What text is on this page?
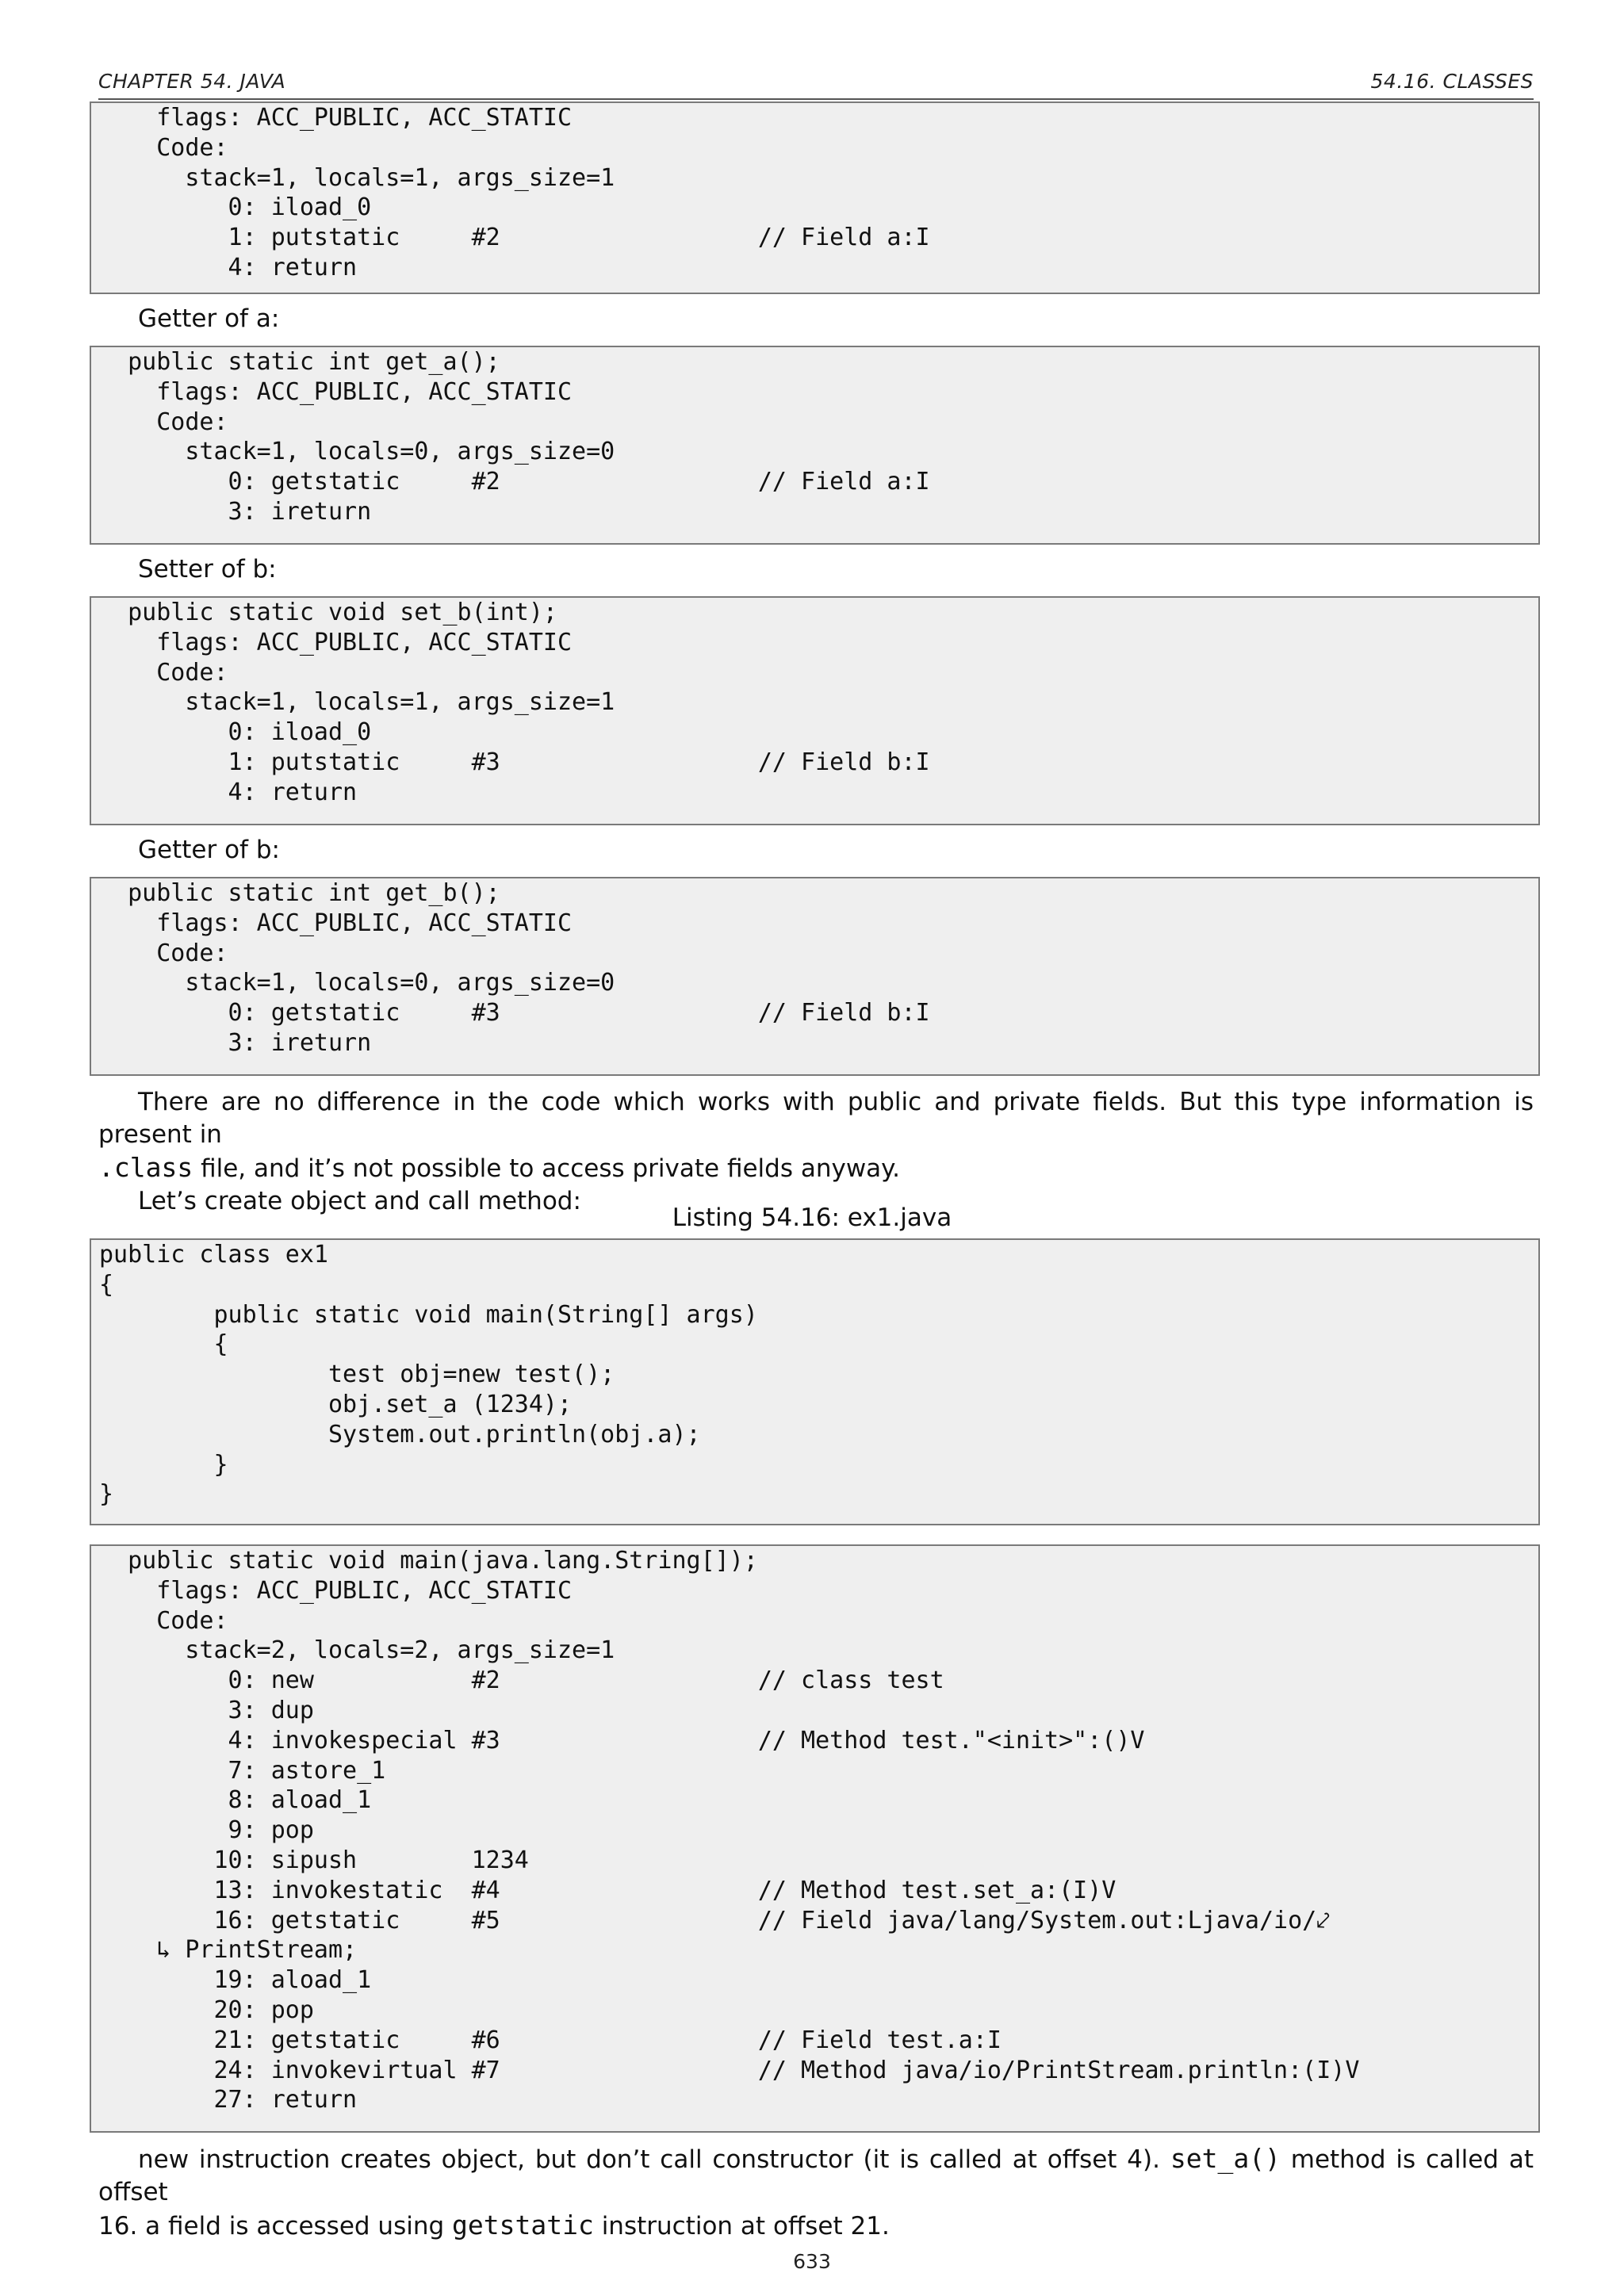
CHAPTER 54. JAVA	54.16. CLASSES
flags: ACC_PUBLIC, ACC_STATIC
Code:
stack=1, locals=1, args_size=1
0: iload_0
1: putstatic     #2                  // Field a:I
4: return
Getter of a:
public static int get_a();
flags: ACC_PUBLIC, ACC_STATIC
Code:
stack=1, locals=0, args_size=0
0: getstatic     #2                  // Field a:I
3: ireturn
Setter of b:
public static void set_b(int);
flags: ACC_PUBLIC, ACC_STATIC
Code:
stack=1, locals=1, args_size=1
0: iload_0
1: putstatic     #3                  // Field b:I
4: return
Getter of b:
public static int get_b();
flags: ACC_PUBLIC, ACC_STATIC
Code:
stack=1, locals=0, args_size=0
0: getstatic     #3                  // Field b:I
3: ireturn
There are no difference in the code which works with public and private fields. But this type information is present in
.class file, and it’s not possible to access private fields anyway.
Let’s create object and call method:
Listing 54.16: ex1.java
public class ex1
{
public static void main(String[] args)
{
test obj=new test();
obj.set_a (1234);
System.out.println(obj.a);
}
}
public static void main(java.lang.String[]);
flags: ACC_PUBLIC, ACC_STATIC
Code:
stack=2, locals=2, args_size=1
0: new           #2                  // class test
3: dup
4: invokespecial #3                  // Method test."<init>":()V
7: astore_1
8: aload_1
9: pop
10: sipush        1234
13: invokestatic  #4                  // Method test.set_a:(I)V
16: getstatic     #5                  // Field java/lang/System.out:Ljava/io/⤦
↳ PrintStream;
19: aload_1
20: pop
21: getstatic     #6                  // Field test.a:I
24: invokevirtual #7                  // Method java/io/PrintStream.println:(I)V
27: return
new instruction creates object, but don’t call constructor (it is called at offset 4). set_a() method is called at offset
16. a field is accessed using getstatic instruction at offset 21.
633
